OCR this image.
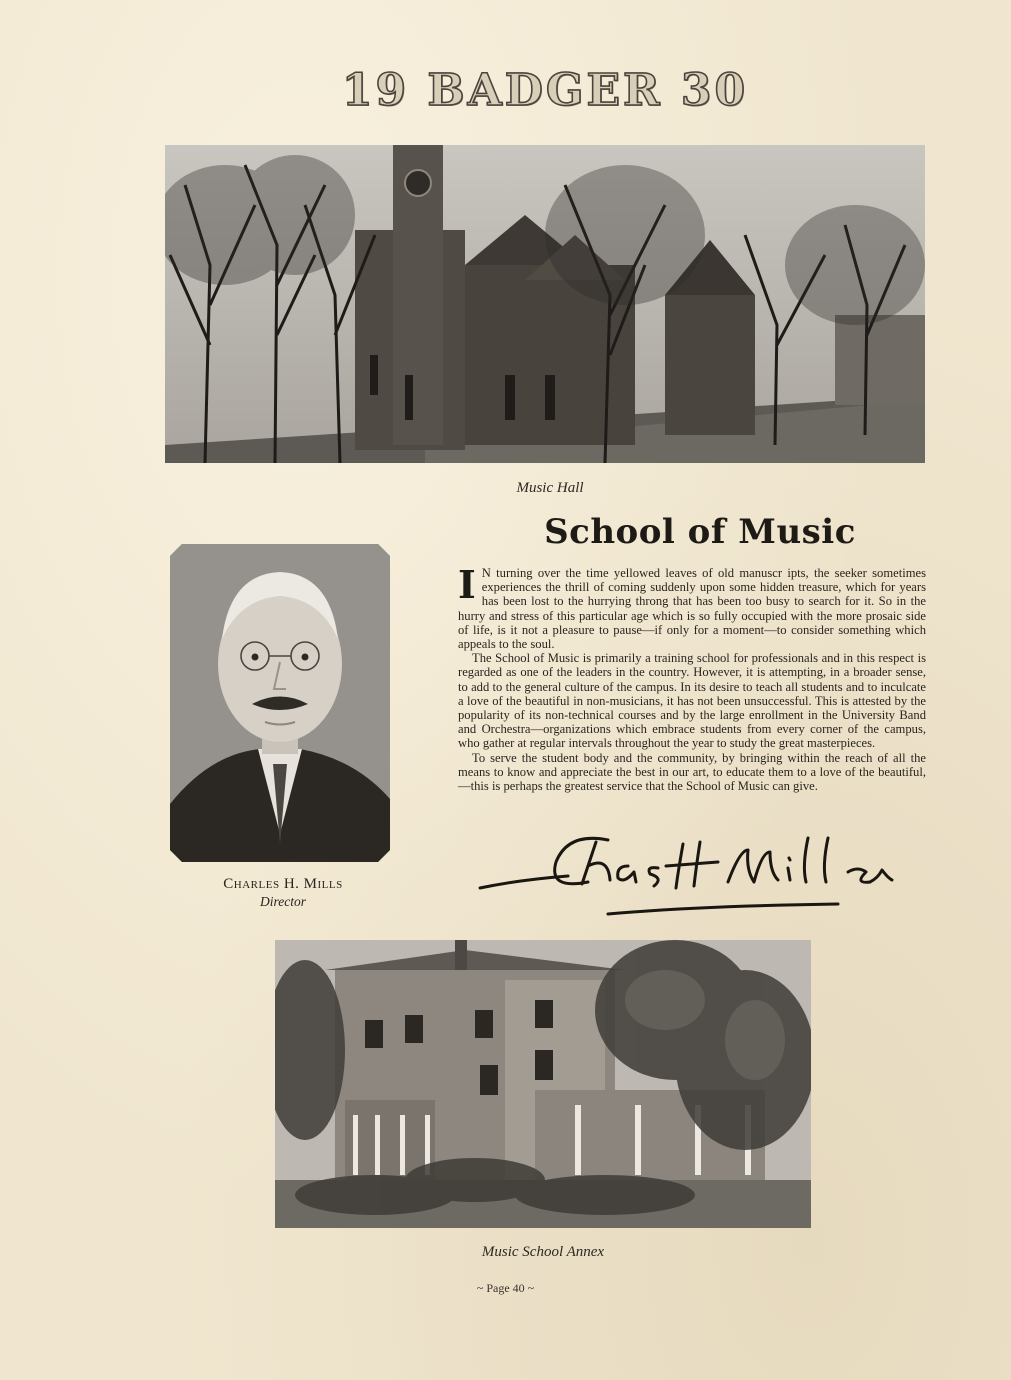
19 BADGER 30
Music Hall
Charles H. Mills
Director
School of Music

I N turning over the time yellowed leaves of old manuscr ipts, the seeker sometimes experiences the thrill of coming suddenly upon some hidden treasure, which for years has been lost to the hurrying throng that has been too busy to search for it. So in the hurry and stress of this particular age which is so fully occupied with the more prosaic side of life, is it not a pleasure to pause—if only for a moment—to consider something which appeals to the soul.

The School of Music is primarily a training school for professionals and in this respect is regarded as one of the leaders in the country. However, it is attempting, in a broader sense, to add to the general culture of the campus. In its desire to teach all students and to inculcate a love of the beautiful in non-musicians, it has not been unsuccessful. This is attested by the popularity of its non-technical courses and by the large enrollment in the University Band and Orchestra—organizations which embrace students from every corner of the campus, who gather at regular intervals throughout the year to study the great masterpieces.

To serve the student body and the community, by bringing within the reach of all the means to know and appreciate the best in our art, to educate them to a love of the beautiful,—this is perhaps the greatest service that the School of Music can give.

Music School Annex
~ Page 40 ~
